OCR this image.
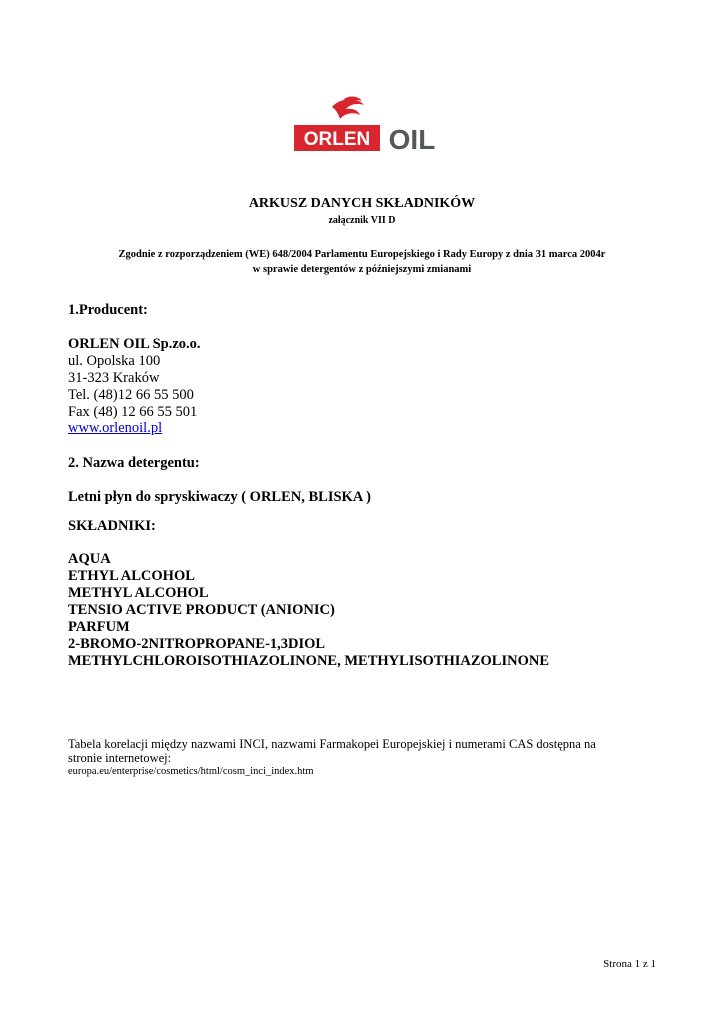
ORLEN OIL
ARKUSZ DANYCH SKŁADNIKÓW
załącznik VII D
Zgodnie z rozporządzeniem (WE) 648/2004 Parlamentu Europejskiego i Rady Europy z dnia 31 marca 2004r
w sprawie detergentów z późniejszymi zmianami
1.Producent:
ORLEN OIL Sp.zo.o.
ul. Opolska 100
31-323 Kraków
Tel. (48)12 66 55 500
Fax (48) 12 66 55 501
www.orlenoil.pl
2. Nazwa detergentu:
Letni płyn do spryskiwaczy ( ORLEN, BLISKA )
SKŁADNIKI:
AQUA
ETHYL ALCOHOL
METHYL ALCOHOL
TENSIO ACTIVE PRODUCT (ANIONIC)
PARFUM
2-BROMO-2NITROPROPANE-1,3DIOL
METHYLCHLOROISOTHIAZOLINONE, METHYLISOTHIAZOLINONE
Tabela korelacji między nazwami INCI, nazwami Farmakopei Europejskiej i numerami CAS dostępna na
stronie internetowej:
europa.eu/enterprise/cosmetics/html/cosm_inci_index.htm
Strona 1 z 1
